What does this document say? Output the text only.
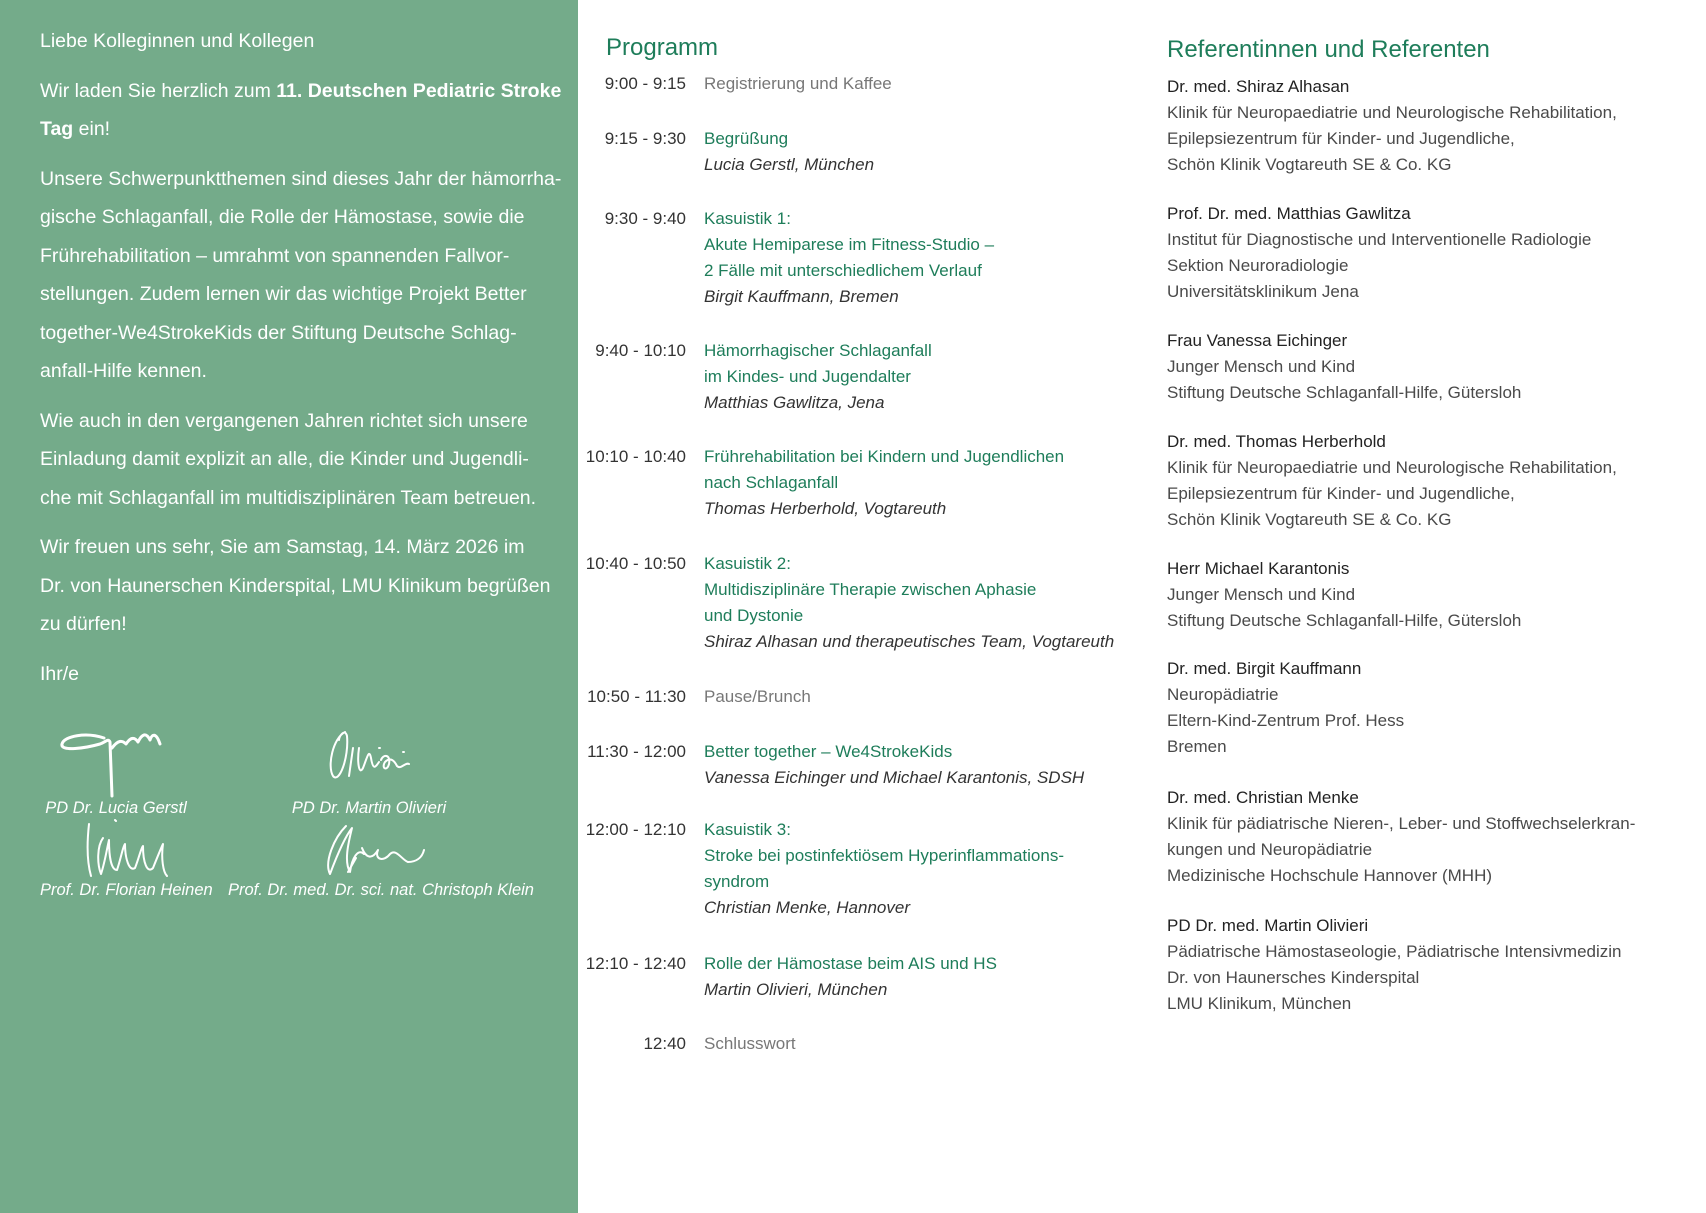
Liebe Kolleginnen und Kollegen

Wir laden Sie herzlich zum 11. Deutschen Pediatric Stroke
Tag ein!

Unsere Schwerpunktthemen sind dieses Jahr der hämorrha-
gische Schlaganfall, die Rolle der Hämostase, sowie die
Frührehabilitation – umrahmt von spannenden Fallvor-
stellungen. Zudem lernen wir das wichtige Projekt Better
together-We4StrokeKids der Stiftung Deutsche Schlag-
anfall-Hilfe kennen.

Wie auch in den vergangenen Jahren richtet sich unsere
Einladung damit explizit an alle, die Kinder und Jugendli-
che mit Schlaganfall im multidisziplinären Team betreuen.

Wir freuen uns sehr, Sie am Samstag, 14. März 2026 im
Dr. von Haunerschen Kinderspital, LMU Klinikum begrüßen
zu dürfen!

Ihr/e

PD Dr. Lucia Gerstl	PD Dr. Martin Olivieri
Prof. Dr. Florian Heinen Prof. Dr. med. Dr. sci. nat. Christoph Klein
Programm
9:00 - 9:15 Registrierung und Kaffee
9:15 - 9:30 Begrüßung
Lucia Gerstl, München
9:30 - 9:40 Kasuistik 1:
Akute Hemiparese im Fitness-Studio –
2 Fälle mit unterschiedlichem Verlauf
Birgit Kauffmann, Bremen
9:40 - 10:10 Hämorrhagischer Schlaganfall
im Kindes- und Jugendalter
Matthias Gawlitza, Jena
10:10 - 10:40 Frührehabilitation bei Kindern und Jugendlichen
nach Schlaganfall
Thomas Herberhold, Vogtareuth
10:40 - 10:50 Kasuistik 2:
Multidisziplinäre Therapie zwischen Aphasie
und Dystonie
Shiraz Alhasan und therapeutisches Team, Vogtareuth
10:50 - 11:30 Pause/Brunch
11:30 - 12:00 Better together – We4StrokeKids
Vanessa Eichinger und Michael Karantonis, SDSH
12:00 - 12:10 Kasuistik 3:
Stroke bei postinfektiösem Hyperinflammations-
syndrom
Christian Menke, Hannover
12:10 - 12:40 Rolle der Hämostase beim AIS und HS
Martin Olivieri, München
12:40 Schlusswort
Referentinnen und Referenten
Dr. med. Shiraz Alhasan
Klinik für Neuropaediatrie und Neurologische Rehabilitation,
Epilepsiezentrum für Kinder- und Jugendliche,
Schön Klinik Vogtareuth SE & Co. KG
Prof. Dr. med. Matthias Gawlitza
Institut für Diagnostische und Interventionelle Radiologie
Sektion Neuroradiologie
Universitätsklinikum Jena
Frau Vanessa Eichinger
Junger Mensch und Kind
Stiftung Deutsche Schlaganfall-Hilfe, Gütersloh
Dr. med. Thomas Herberhold
Klinik für Neuropaediatrie und Neurologische Rehabilitation,
Epilepsiezentrum für Kinder- und Jugendliche,
Schön Klinik Vogtareuth SE & Co. KG
Herr Michael Karantonis
Junger Mensch und Kind
Stiftung Deutsche Schlaganfall-Hilfe, Gütersloh
Dr. med. Birgit Kauffmann
Neuropädiatrie
Eltern-Kind-Zentrum Prof. Hess
Bremen
Dr. med. Christian Menke
Klinik für pädiatrische Nieren-, Leber- und Stoffwechselerkran-
kungen und Neuropädiatrie
Medizinische Hochschule Hannover (MHH)
PD Dr. med. Martin Olivieri
Pädiatrische Hämostaseologie, Pädiatrische Intensivmedizin
Dr. von Haunersches Kinderspital
LMU Klinikum, München
